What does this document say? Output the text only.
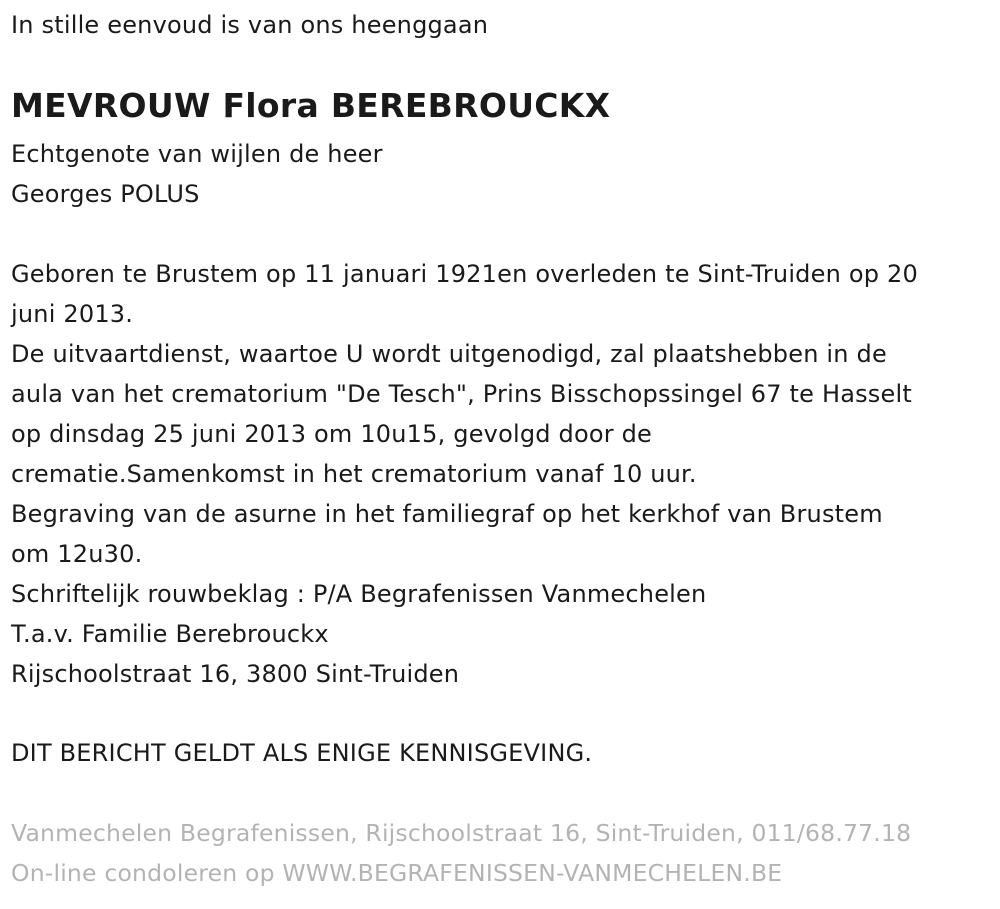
In stille eenvoud is van ons heenggaan
MEVROUW Flora BEREBROUCKX
Echtgenote van wijlen de heer
Georges POLUS
Geboren te Brustem op 11 januari 1921en overleden te Sint-Truiden op 20
juni 2013.
De uitvaartdienst, waartoe U wordt uitgenodigd, zal plaatshebben in de
aula van het crematorium "De Tesch", Prins Bisschopssingel 67 te Hasselt
op dinsdag 25 juni 2013 om 10u15, gevolgd door de
crematie.Samenkomst in het crematorium vanaf 10 uur.
Begraving van de asurne in het familiegraf op het kerkhof van Brustem
om 12u30.
Schriftelijk rouwbeklag : P/A Begrafenissen Vanmechelen
T.a.v. Familie Berebrouckx
Rijschoolstraat 16, 3800 Sint-Truiden
DIT BERICHT GELDT ALS ENIGE KENNISGEVING.
Vanmechelen Begrafenissen, Rijschoolstraat 16, Sint-Truiden, 011/68.77.18
On-line condoleren op WWW.BEGRAFENISSEN-VANMECHELEN.BE
